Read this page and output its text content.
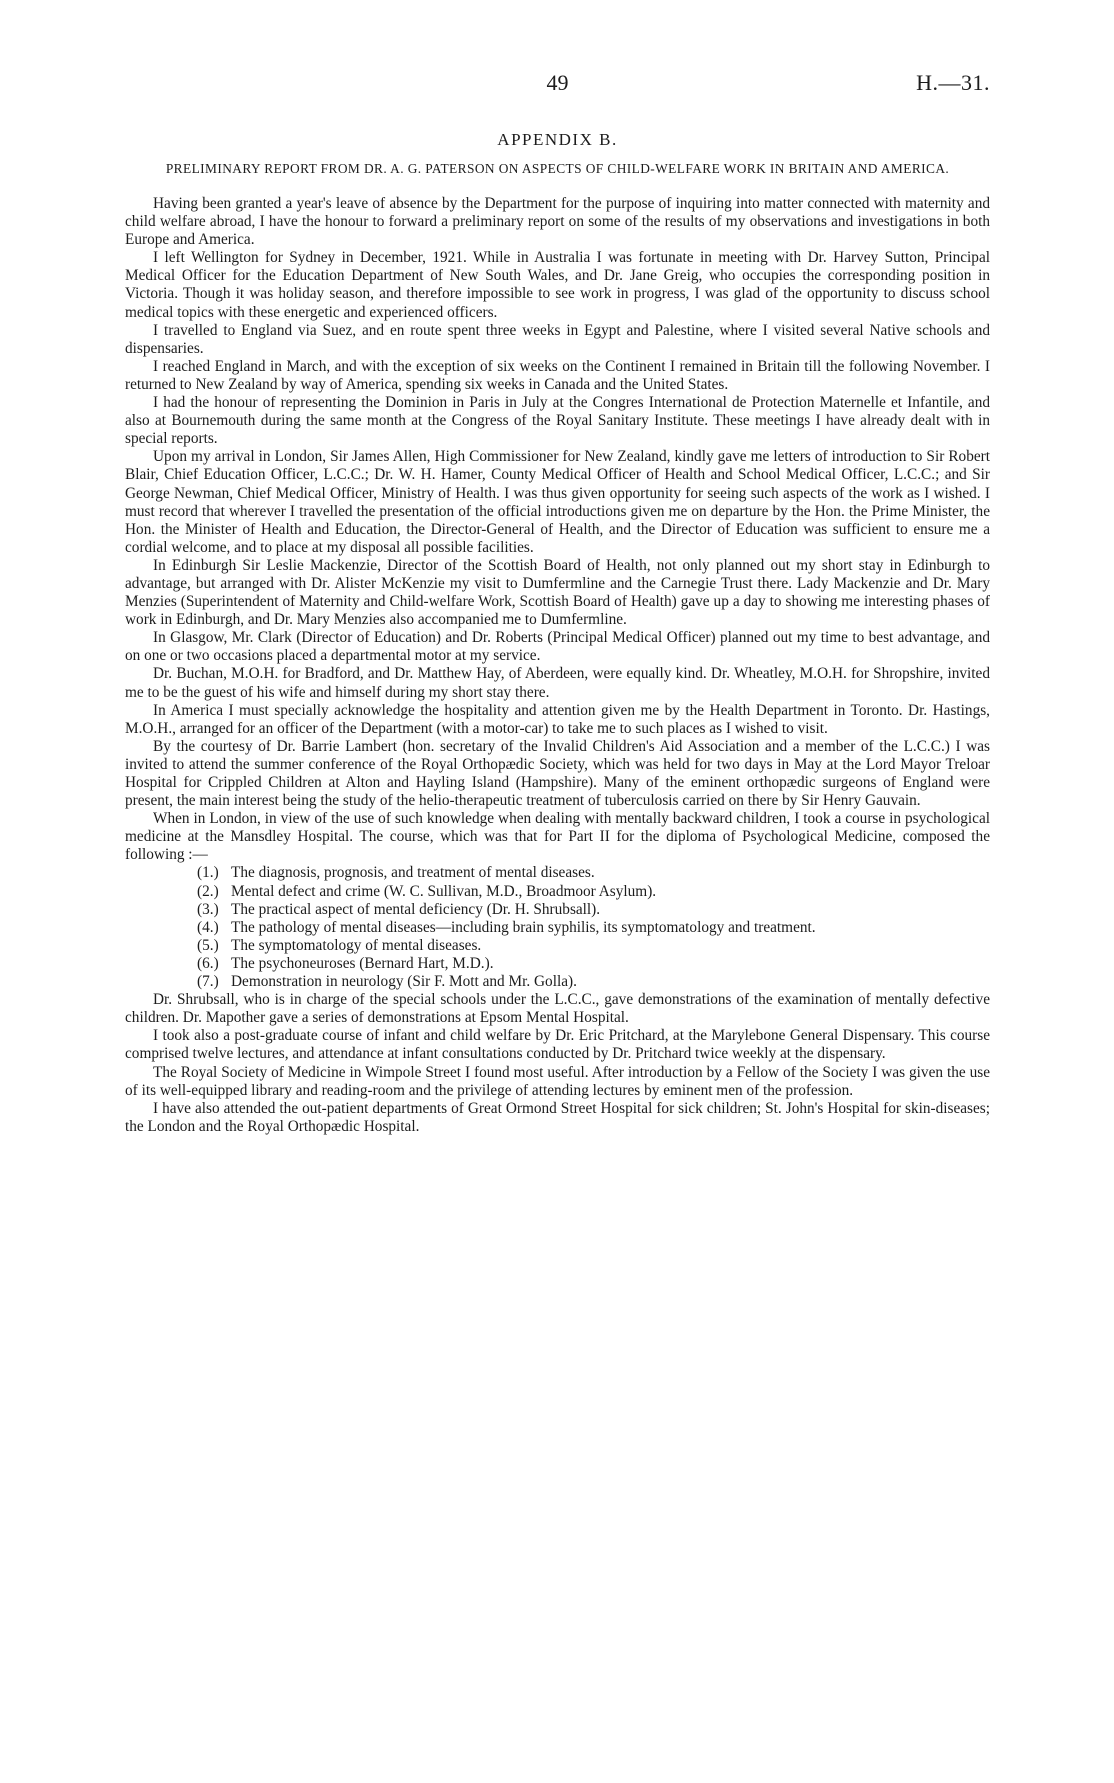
49	H.—31.
APPENDIX B.
PRELIMINARY REPORT FROM DR. A. G. PATERSON ON ASPECTS OF CHILD-WELFARE WORK IN BRITAIN AND AMERICA.

Having been granted a year's leave of absence by the Department for the purpose of inquiring into matter connected with maternity and child welfare abroad, I have the honour to forward a preliminary report on some of the results of my observations and investigations in both Europe and America.

I left Wellington for Sydney in December, 1921. While in Australia I was fortunate in meeting with Dr. Harvey Sutton, Principal Medical Officer for the Education Department of New South Wales, and Dr. Jane Greig, who occupies the corresponding position in Victoria. Though it was holiday season, and therefore impossible to see work in progress, I was glad of the opportunity to discuss school medical topics with these energetic and experienced officers.

I travelled to England via Suez, and en route spent three weeks in Egypt and Palestine, where I visited several Native schools and dispensaries.

I reached England in March, and with the exception of six weeks on the Continent I remained in Britain till the following November. I returned to New Zealand by way of America, spending six weeks in Canada and the United States.

I had the honour of representing the Dominion in Paris in July at the Congres International de Protection Maternelle et Infantile, and also at Bournemouth during the same month at the Congress of the Royal Sanitary Institute. These meetings I have already dealt with in special reports.

Upon my arrival in London, Sir James Allen, High Commissioner for New Zealand, kindly gave me letters of introduction to Sir Robert Blair, Chief Education Officer, L.C.C.; Dr. W. H. Hamer, County Medical Officer of Health and School Medical Officer, L.C.C.; and Sir George Newman, Chief Medical Officer, Ministry of Health. I was thus given opportunity for seeing such aspects of the work as I wished. I must record that wherever I travelled the presentation of the official introductions given me on departure by the Hon. the Prime Minister, the Hon. the Minister of Health and Education, the Director-General of Health, and the Director of Education was sufficient to ensure me a cordial welcome, and to place at my disposal all possible facilities.

In Edinburgh Sir Leslie Mackenzie, Director of the Scottish Board of Health, not only planned out my short stay in Edinburgh to advantage, but arranged with Dr. Alister McKenzie my visit to Dumfermline and the Carnegie Trust there. Lady Mackenzie and Dr. Mary Menzies (Superintendent of Maternity and Child-welfare Work, Scottish Board of Health) gave up a day to showing me interesting phases of work in Edinburgh, and Dr. Mary Menzies also accompanied me to Dumfermline.

In Glasgow, Mr. Clark (Director of Education) and Dr. Roberts (Principal Medical Officer) planned out my time to best advantage, and on one or two occasions placed a departmental motor at my service.

Dr. Buchan, M.O.H. for Bradford, and Dr. Matthew Hay, of Aberdeen, were equally kind. Dr. Wheatley, M.O.H. for Shropshire, invited me to be the guest of his wife and himself during my short stay there.

In America I must specially acknowledge the hospitality and attention given me by the Health Department in Toronto. Dr. Hastings, M.O.H., arranged for an officer of the Department (with a motor-car) to take me to such places as I wished to visit.

By the courtesy of Dr. Barrie Lambert (hon. secretary of the Invalid Children's Aid Association and a member of the L.C.C.) I was invited to attend the summer conference of the Royal Orthopædic Society, which was held for two days in May at the Lord Mayor Treloar Hospital for Crippled Children at Alton and Hayling Island (Hampshire). Many of the eminent orthopædic surgeons of England were present, the main interest being the study of the helio-therapeutic treatment of tuberculosis carried on there by Sir Henry Gauvain.

When in London, in view of the use of such knowledge when dealing with mentally backward children, I took a course in psychological medicine at the Mansdley Hospital. The course, which was that for Part II for the diploma of Psychological Medicine, composed the following :—

(1.) The diagnosis, prognosis, and treatment of mental diseases.
(2.) Mental defect and crime (W. C. Sullivan, M.D., Broadmoor Asylum).
(3.) The practical aspect of mental deficiency (Dr. H. Shrubsall).
(4.) The pathology of mental diseases—including brain syphilis, its symptomatology and treatment.
(5.) The symptomatology of mental diseases.
(6.) The psychoneuroses (Bernard Hart, M.D.).
(7.) Demonstration in neurology (Sir F. Mott and Mr. Golla).

Dr. Shrubsall, who is in charge of the special schools under the L.C.C., gave demonstrations of the examination of mentally defective children. Dr. Mapother gave a series of demonstrations at Epsom Mental Hospital.

I took also a post-graduate course of infant and child welfare by Dr. Eric Pritchard, at the Marylebone General Dispensary. This course comprised twelve lectures, and attendance at infant consultations conducted by Dr. Pritchard twice weekly at the dispensary.

The Royal Society of Medicine in Wimpole Street I found most useful. After introduction by a Fellow of the Society I was given the use of its well-equipped library and reading-room and the privilege of attending lectures by eminent men of the profession.

I have also attended the out-patient departments of Great Ormond Street Hospital for sick children; St. John's Hospital for skin-diseases; the London and the Royal Orthopædic Hospital.
